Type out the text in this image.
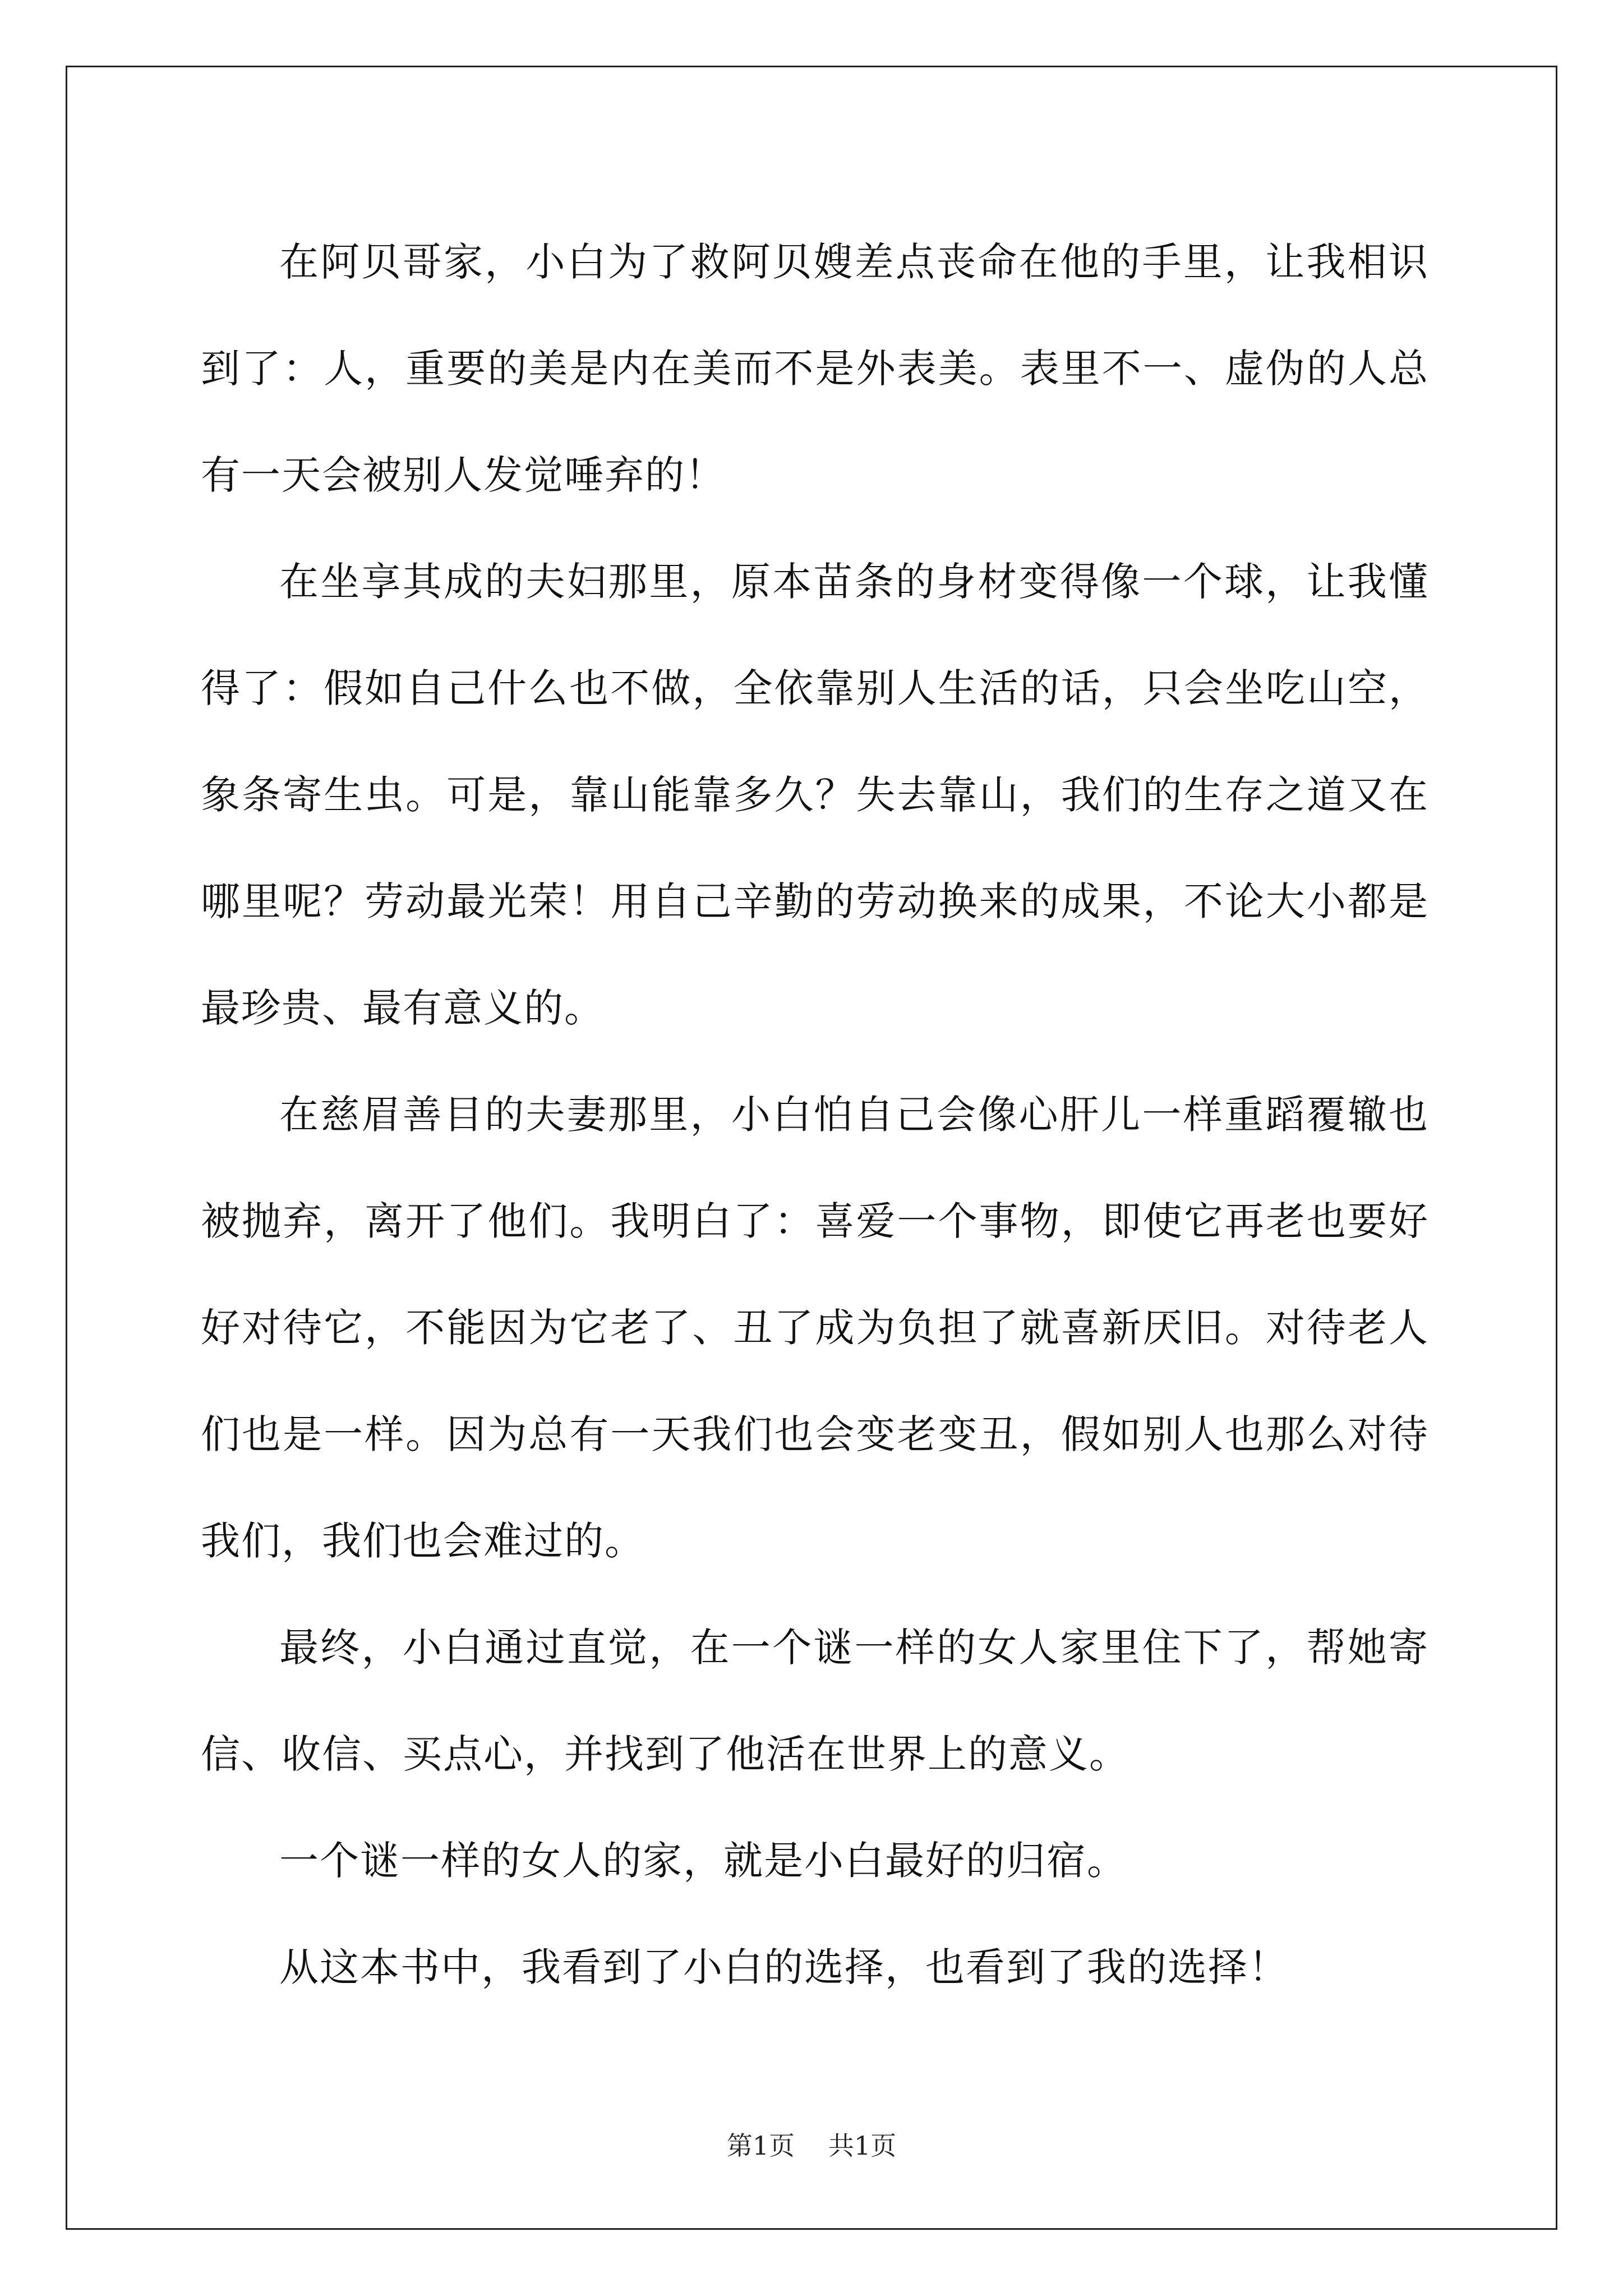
在阿贝哥家，小白为了救阿贝嫂差点丧命在他的手里，让我相识到了：人，重要的美是内在美而不是外表美。表里不一、虚伪的人总有一天会被别人发觉唾弃的！

在坐享其成的夫妇那里，原本苗条的身材变得像一个球，让我懂得了：假如自己什么也不做，全依靠别人生活的话，只会坐吃山空，象条寄生虫。可是，靠山能靠多久？失去靠山，我们的生存之道又在哪里呢？劳动最光荣！用自己辛勤的劳动换来的成果，不论大小都是最珍贵、最有意义的。

在慈眉善目的夫妻那里，小白怕自己会像心肝儿一样重蹈覆辙也被抛弃，离开了他们。我明白了：喜爱一个事物，即使它再老也要好好对待它，不能因为它老了、丑了成为负担了就喜新厌旧。对待老人们也是一样。因为总有一天我们也会变老变丑，假如别人也那么对待我们，我们也会难过的。

最终，小白通过直觉，在一个谜一样的女人家里住下了，帮她寄信、收信、买点心，并找到了他活在世界上的意义。

一个谜一样的女人的家，就是小白最好的归宿。

从这本书中，我看到了小白的选择，也看到了我的选择！

第1页 共1页
